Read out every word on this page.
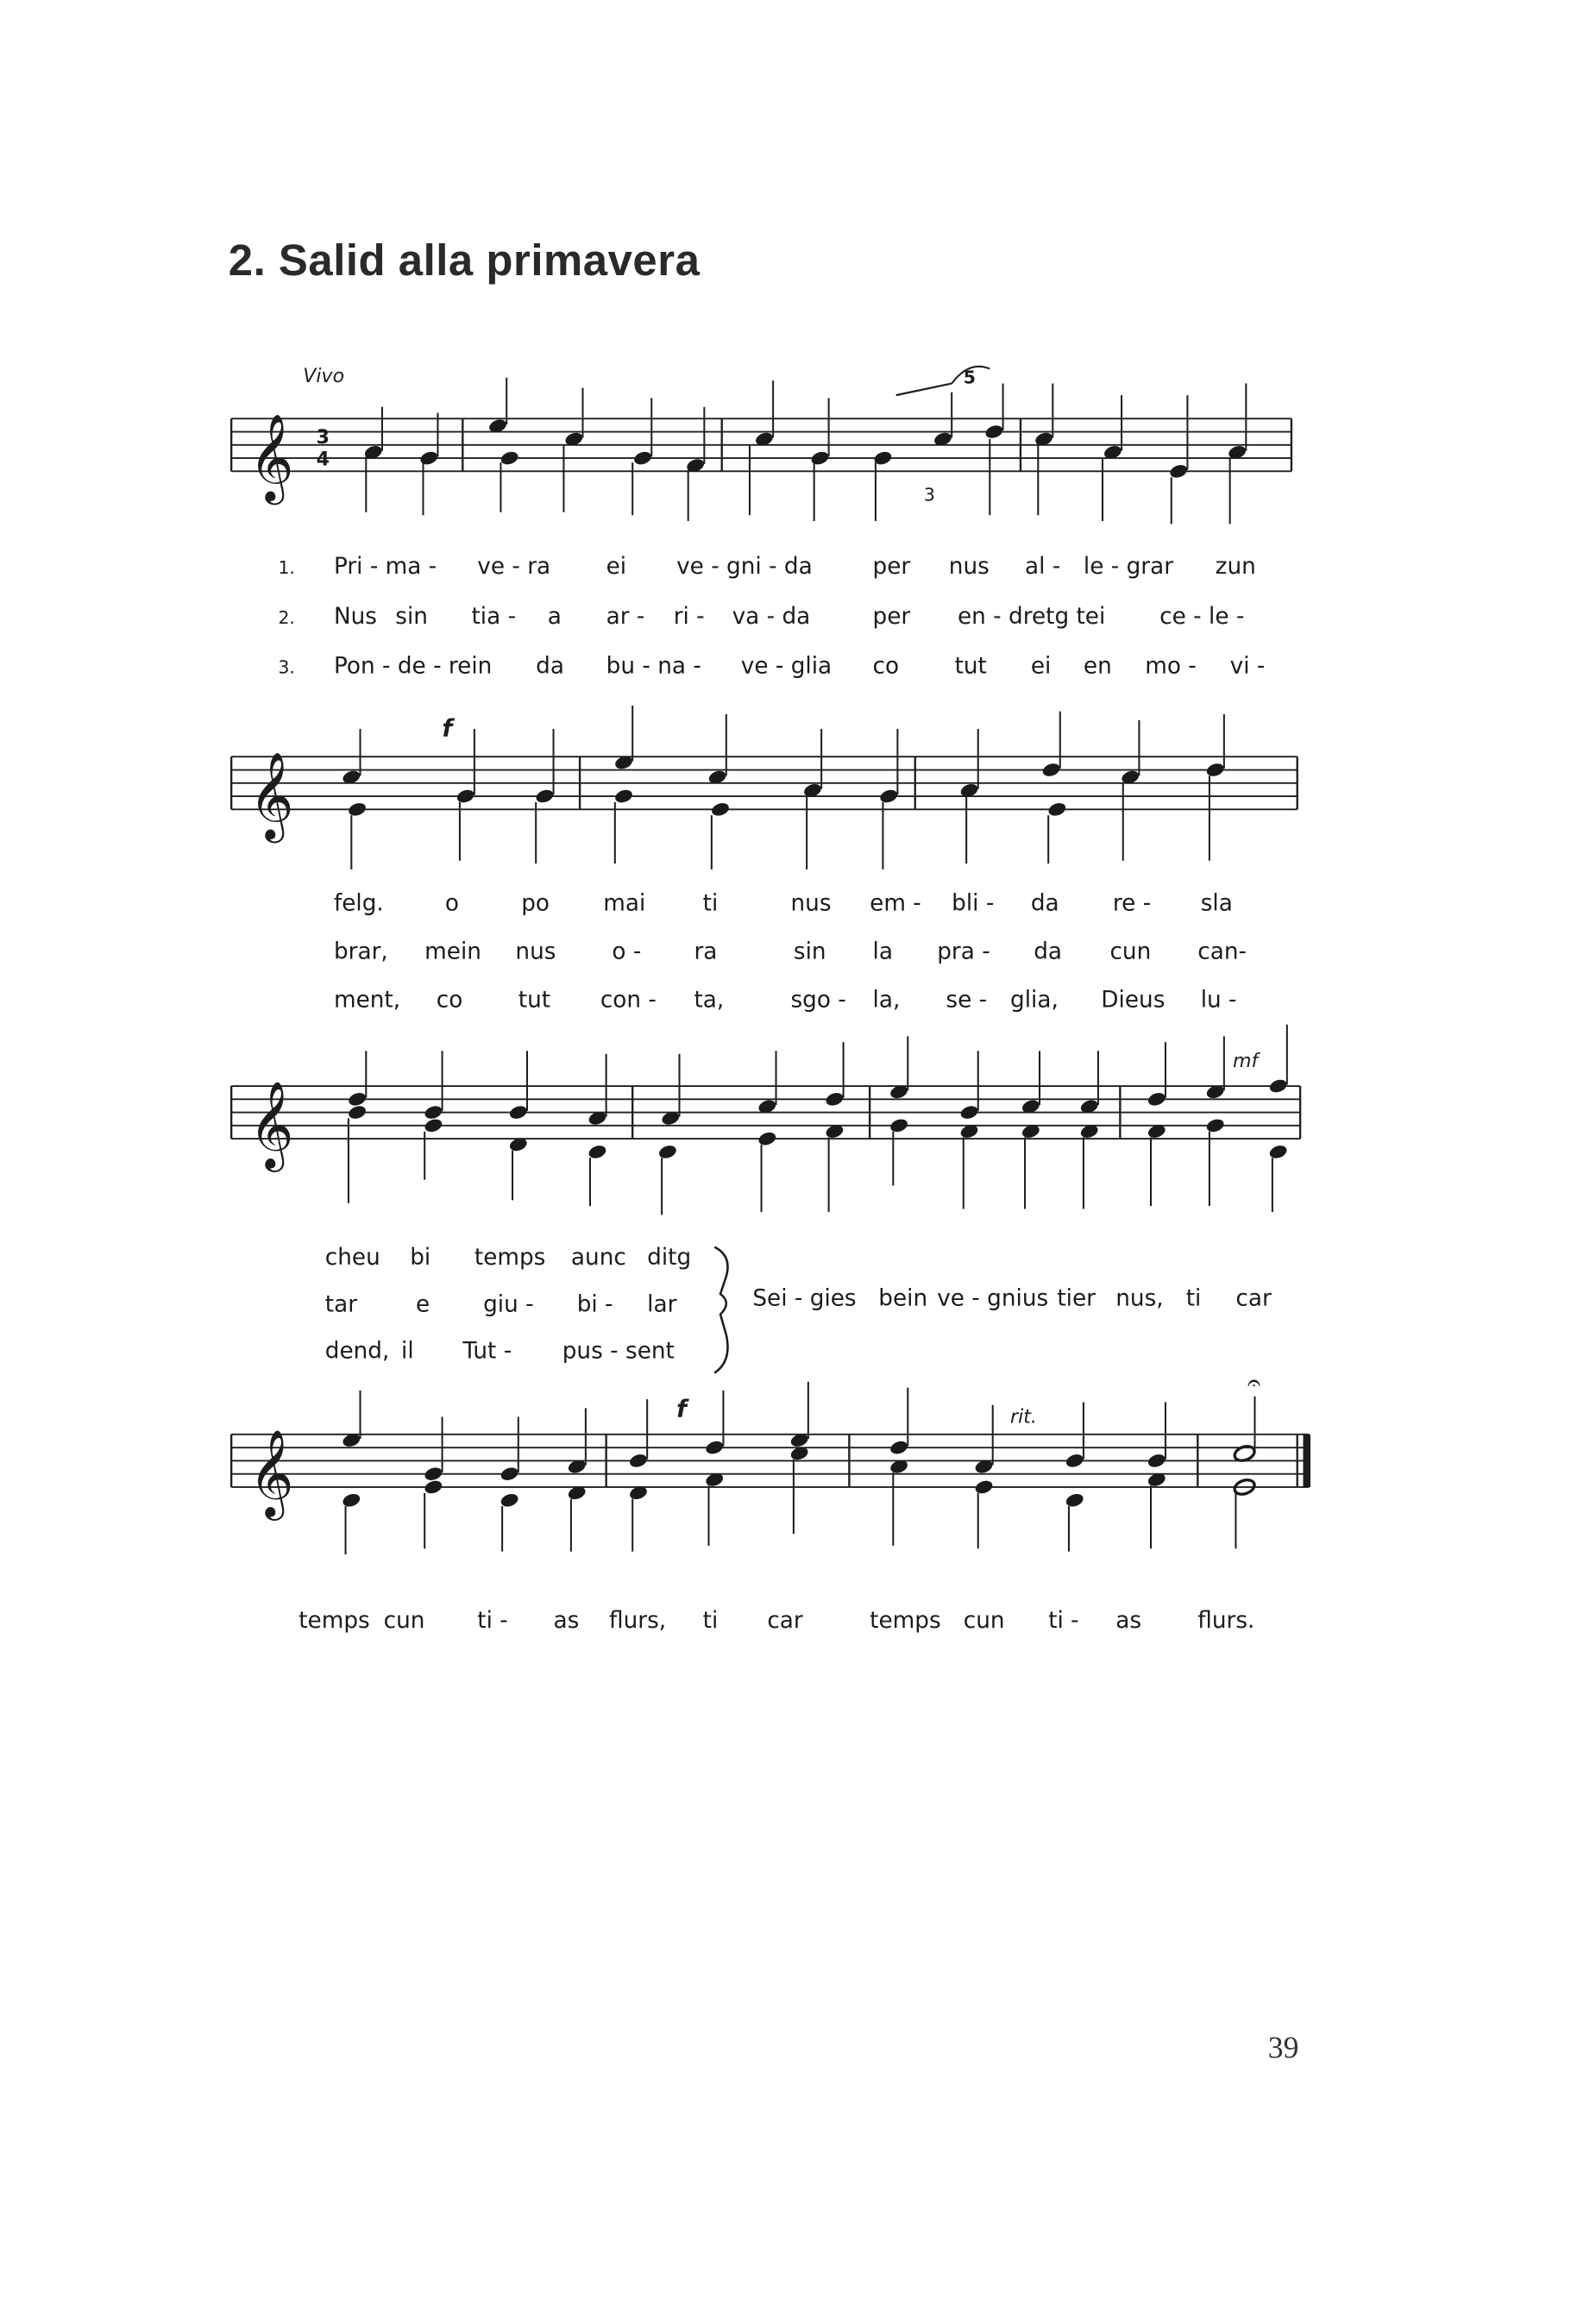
2. Salid alla primavera
Vivo
𝄞 3
4
5
3
1.
2.
3.
Pri - ma -	ve - ra	ei	ve - gni - da	per	nus	al - le - grar	zun
Nus sin	tia - a	ar - ri - va - da	per	en - dretg tei	ce - le -
Pon - de - rein	da	bu - na -	ve - glia	co	tut	ei en mo -	vi -
𝄞
f
felg.	o	po	mai	ti	nus	em - bli -	da	re -	sla
brar,	mein	nus	o -	ra	sin	la	pra -	da	cun	can-
ment,	co	tut	con -	ta,	sgo - la,	se - glia,	Dieus	lu -
𝄞
mf
cheu bi	temps aunc ditg
tar	e	giu -	bi -	lar
dend, il	Tut -	pus - sent
Sei - gies bein ve - gnius tier nus, ti	car
𝄞
f	rit.
𝄐
temps cun	ti -	as flurs,	ti	car	temps cun	ti -	as	flurs.
39
